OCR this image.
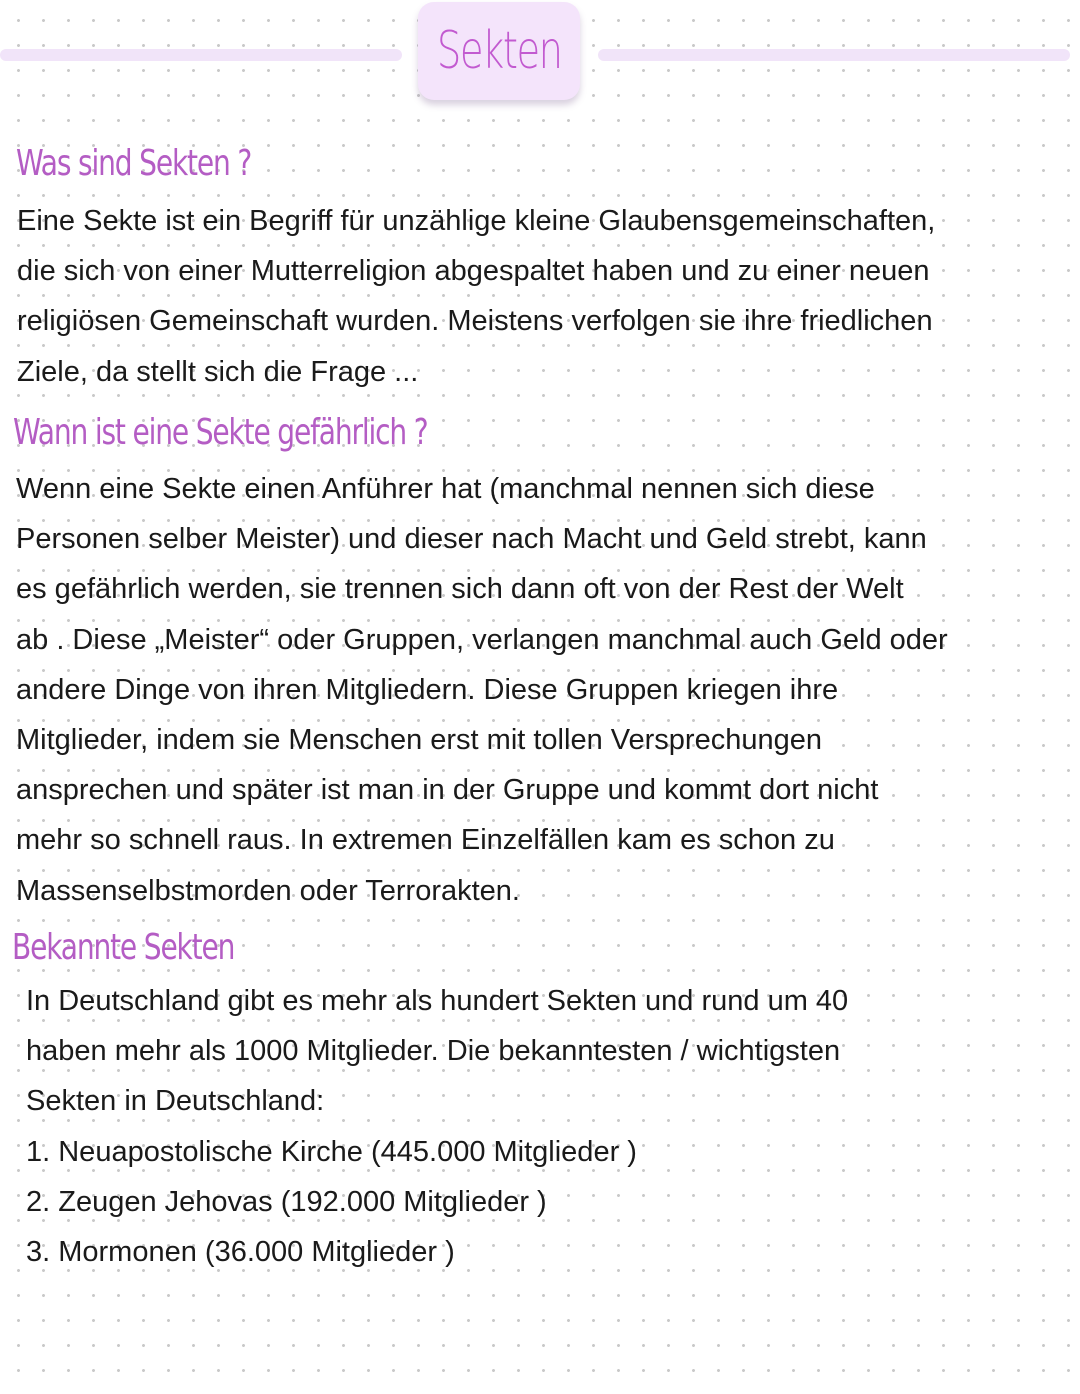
Sekten
Was sind Sekten ?
Eine Sekte ist ein Begriff für unzählige kleine Glaubensgemeinschaften,
die sich von einer Mutterreligion abgespaltet haben und zu einer neuen
religiösen Gemeinschaft wurden. Meistens verfolgen sie ihre friedlichen
Ziele, da stellt sich die Frage ...
Wann ist eine Sekte gefährlich ?
Wenn eine Sekte einen Anführer hat (manchmal nennen sich diese
Personen selber Meister) und dieser nach Macht und Geld strebt, kann
es gefährlich werden, sie trennen sich dann oft von der Rest der Welt
ab . Diese „Meister“ oder Gruppen, verlangen manchmal auch Geld oder
andere Dinge von ihren Mitgliedern. Diese Gruppen kriegen ihre
Mitglieder, indem sie Menschen erst mit tollen Versprechungen
ansprechen und später ist man in der Gruppe und kommt dort nicht
mehr so schnell raus. In extremen Einzelfällen kam es schon zu
Massenselbstmorden oder Terrorakten.
Bekannte Sekten
In Deutschland gibt es mehr als hundert Sekten und rund um 40
haben mehr als 1000 Mitglieder. Die bekanntesten / wichtigsten
Sekten in Deutschland:
1. Neuapostolische Kirche (445.000 Mitglieder )
2. Zeugen Jehovas (192.000 Mitglieder )
3. Mormonen (36.000 Mitglieder )
